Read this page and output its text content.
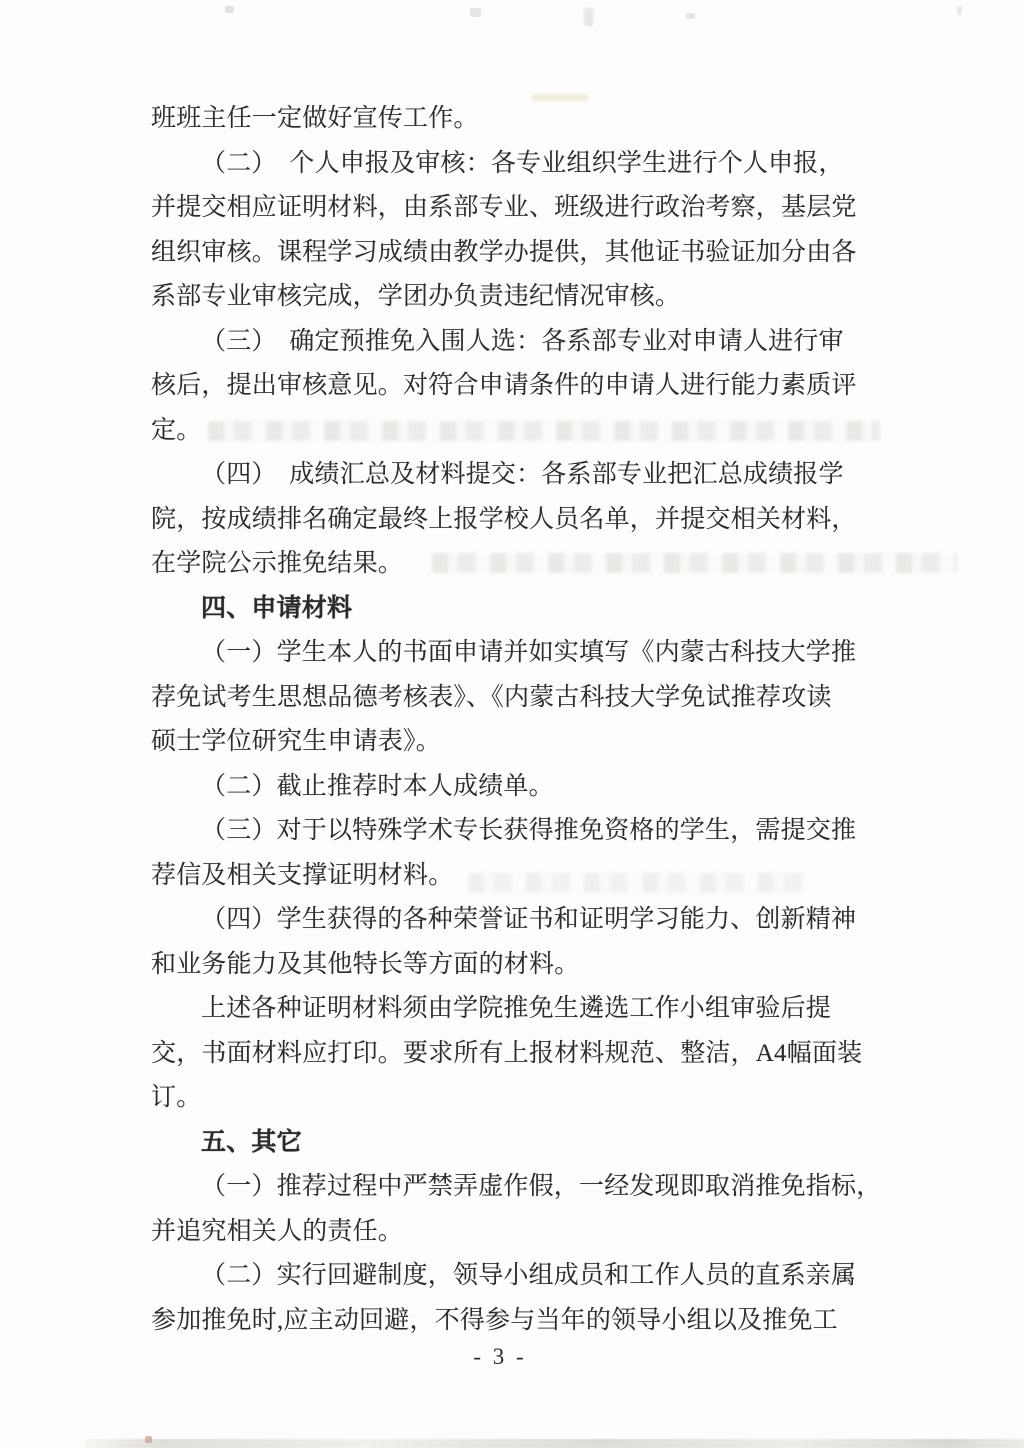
班班主任一定做好宣传工作。
（二）　个人申报及审核：各专业组织学生进行个人申报，
并提交相应证明材料，由系部专业、班级进行政治考察，基层党
组织审核。课程学习成绩由教学办提供，其他证书验证加分由各
系部专业审核完成，学团办负责违纪情况审核。
（三）　确定预推免入围人选：各系部专业对申请人进行审
核后，提出审核意见。对符合申请条件的申请人进行能力素质评
定。
（四）　成绩汇总及材料提交：各系部专业把汇总成绩报学
院，按成绩排名确定最终上报学校人员名单，并提交相关材料，
在学院公示推免结果。
四、申请材料
（一）学生本人的书面申请并如实填写《内蒙古科技大学推
荐免试考生思想品德考核表》、《内蒙古科技大学免试推荐攻读
硕士学位研究生申请表》。
（二）截止推荐时本人成绩单。
（三）对于以特殊学术专长获得推免资格的学生，需提交推
荐信及相关支撑证明材料。
（四）学生获得的各种荣誉证书和证明学习能力、创新精神
和业务能力及其他特长等方面的材料。
上述各种证明材料须由学院推免生遴选工作小组审验后提
交，书面材料应打印。要求所有上报材料规范、整洁，A4幅面装
订。
五、其它
（一）推荐过程中严禁弄虚作假，一经发现即取消推免指标，
并追究相关人的责任。
（二）实行回避制度，领导小组成员和工作人员的直系亲属
参加推免时,应主动回避，不得参与当年的领导小组以及推免工
- 3 -
